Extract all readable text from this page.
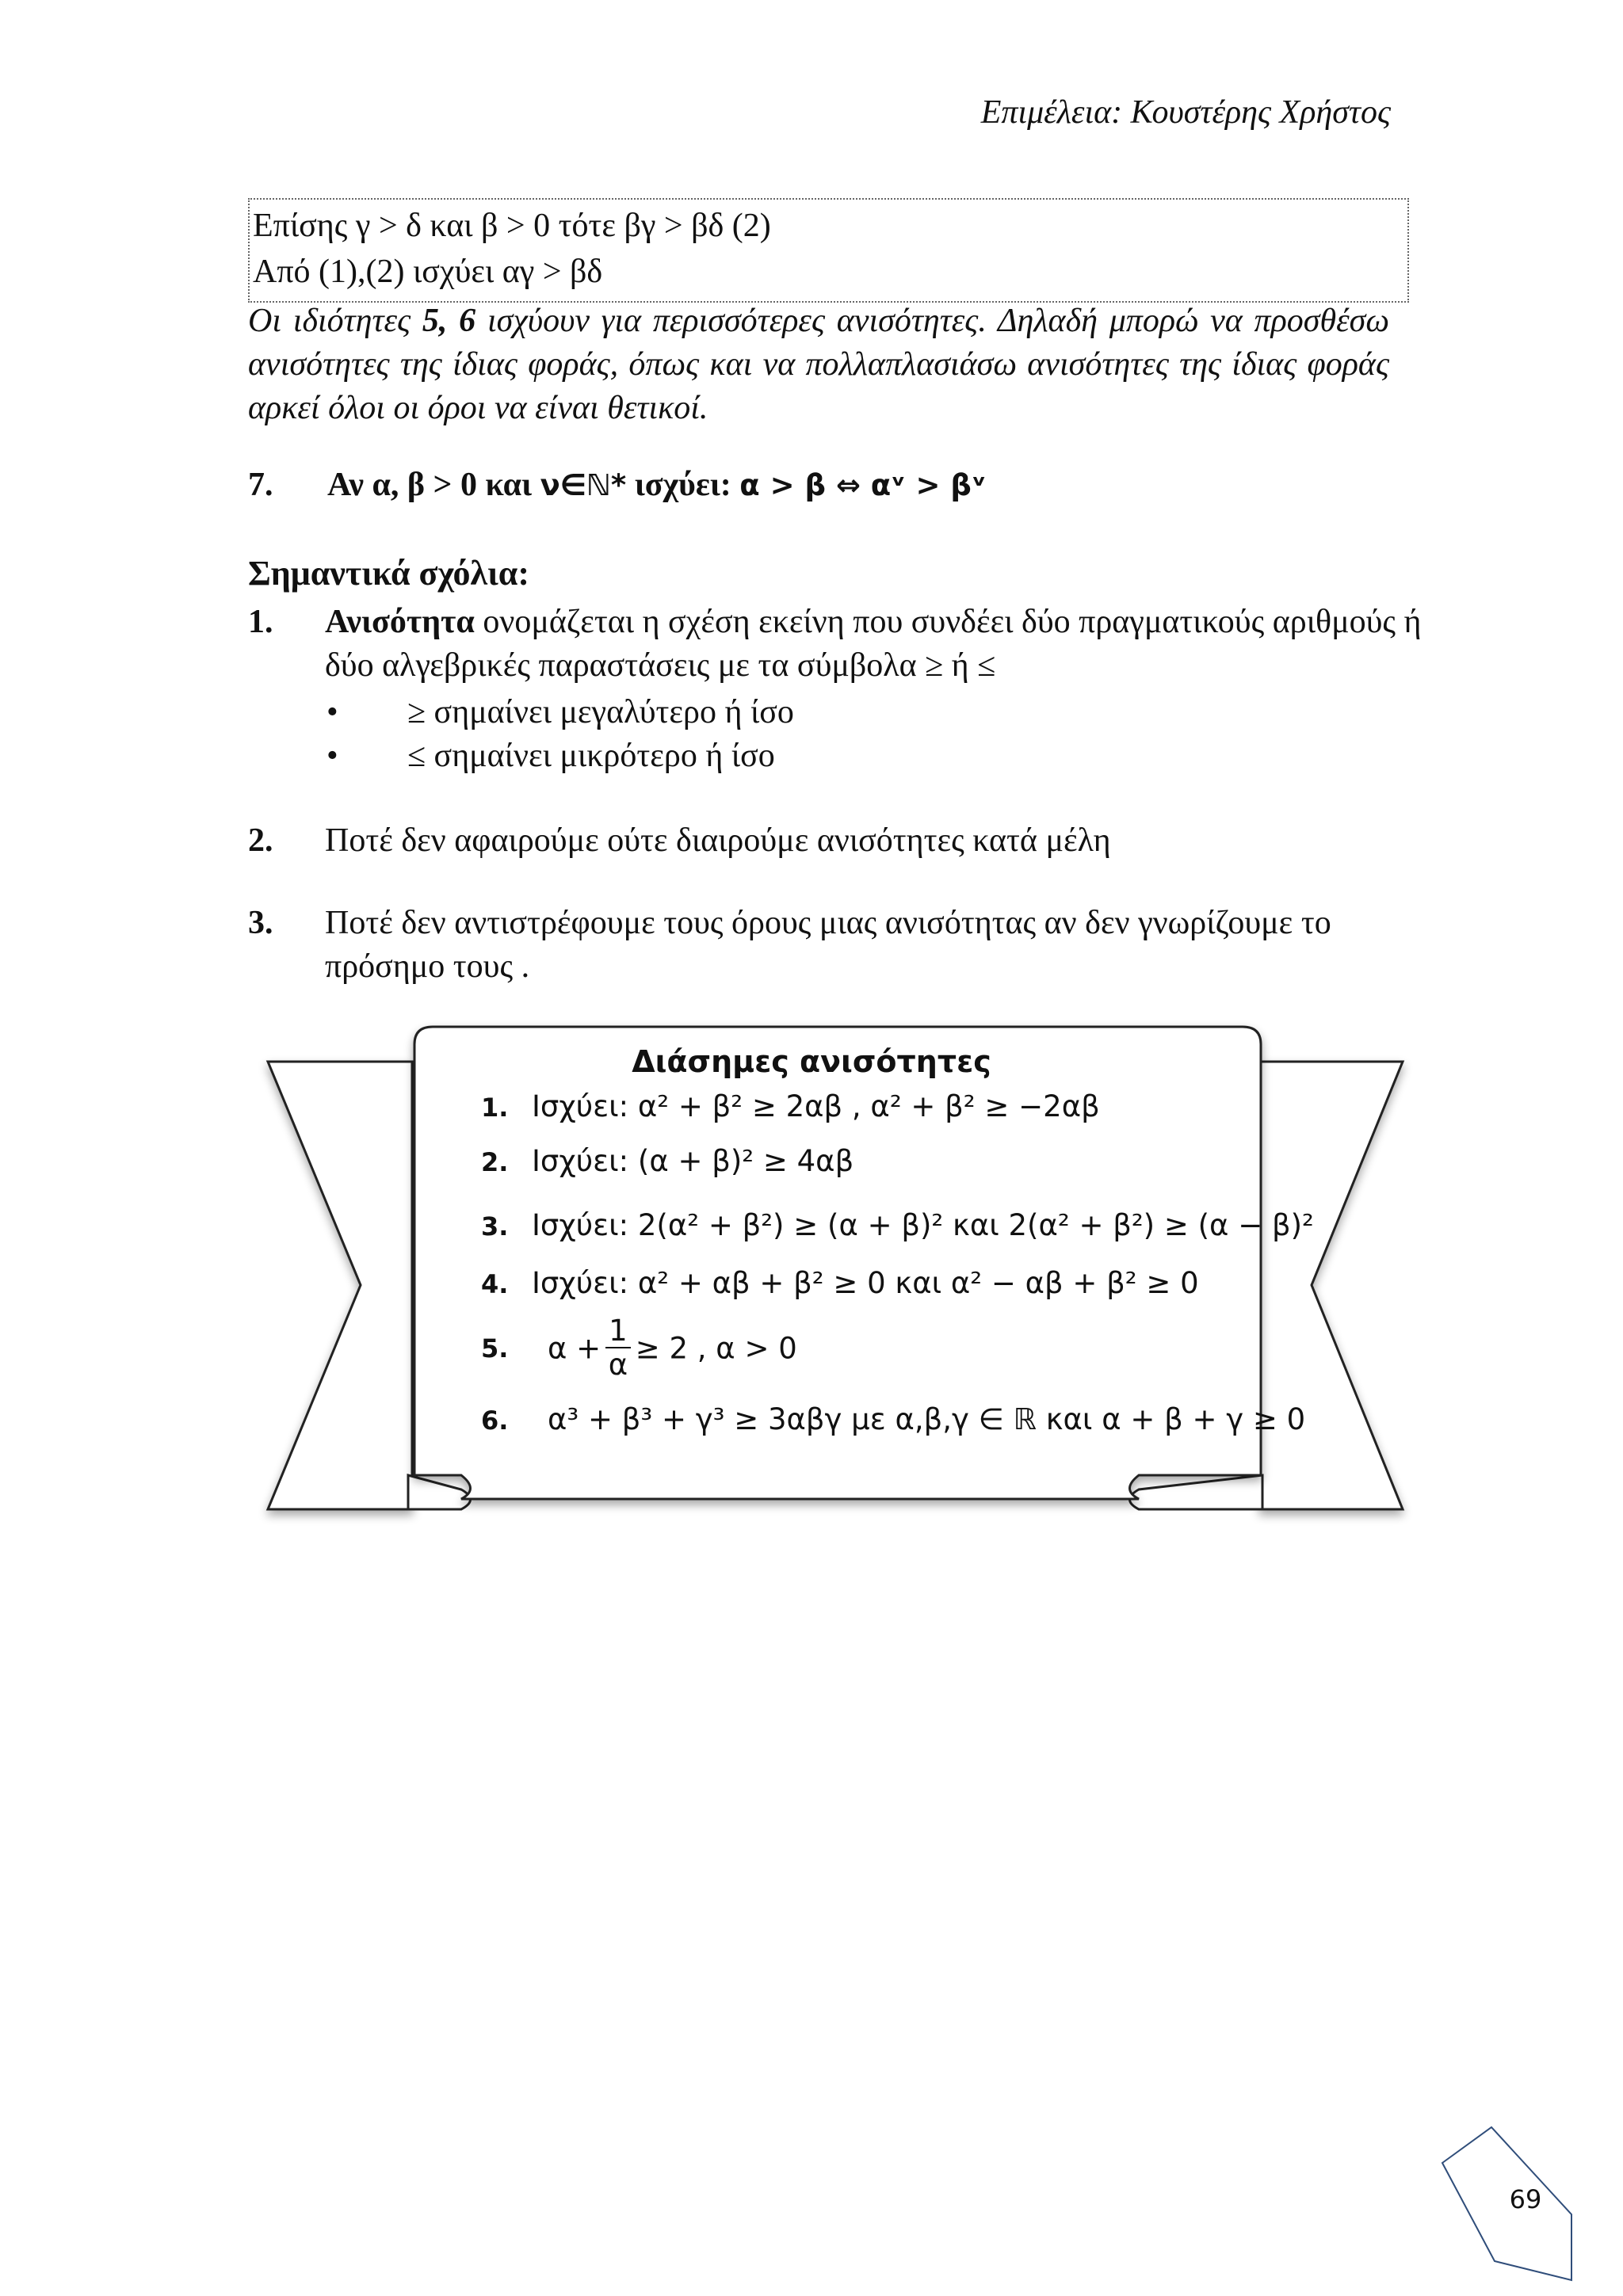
Επιμέλεια: Κουστέρης Χρήστος
Επίσης γ > δ και β > 0 τότε βγ > βδ (2)
Από (1),(2) ισχύει αγ > βδ
Οι ιδιότητες 5, 6 ισχύουν για περισσότερες ανισότητες. Δηλαδή μπορώ να προσθέσω ανισότητες της ίδιας φοράς, όπως και να πολλαπλασιάσω ανισότητες της ίδιας φοράς αρκεί όλοι οι όροι να είναι θετικοί.
7. Αν α, β > 0 και ν∈ℕ* ισχύει: α > β ⇔ αᵛ > βᵛ
Σημαντικά σχόλια:
1. Ανισότητα ονομάζεται η σχέση εκείνη που συνδέει δύο πραγματικούς αριθμούς ή δύο αλγεβρικές παραστάσεις με τα σύμβολα ≥ ή ≤
• ≥ σημαίνει μεγαλύτερο ή ίσο
• ≤ σημαίνει μικρότερο ή ίσο
2. Ποτέ δεν αφαιρούμε ούτε διαιρούμε ανισότητες κατά μέλη
3. Ποτέ δεν αντιστρέφουμε τους όρους μιας ανισότητας αν δεν γνωρίζουμε το πρόσημο τους .
Διάσημες ανισότητες
1. Ισχύει: α² + β² ≥ 2αβ , α² + β² ≥ −2αβ
2. Ισχύει: (α + β)² ≥ 4αβ
3. Ισχύει: 2(α² + β²) ≥ (α + β)² και 2(α² + β²) ≥ (α − β)²
4. Ισχύει: α² + αβ + β² ≥ 0 και α² − αβ + β² ≥ 0
5. $\alpha + \frac{1}{\alpha} \ge 2$ , α > 0
6. α³ + β³ + γ³ ≥ 3αβγ με α,β,γ ∈ ℝ και α + β + γ ≥ 0
69
